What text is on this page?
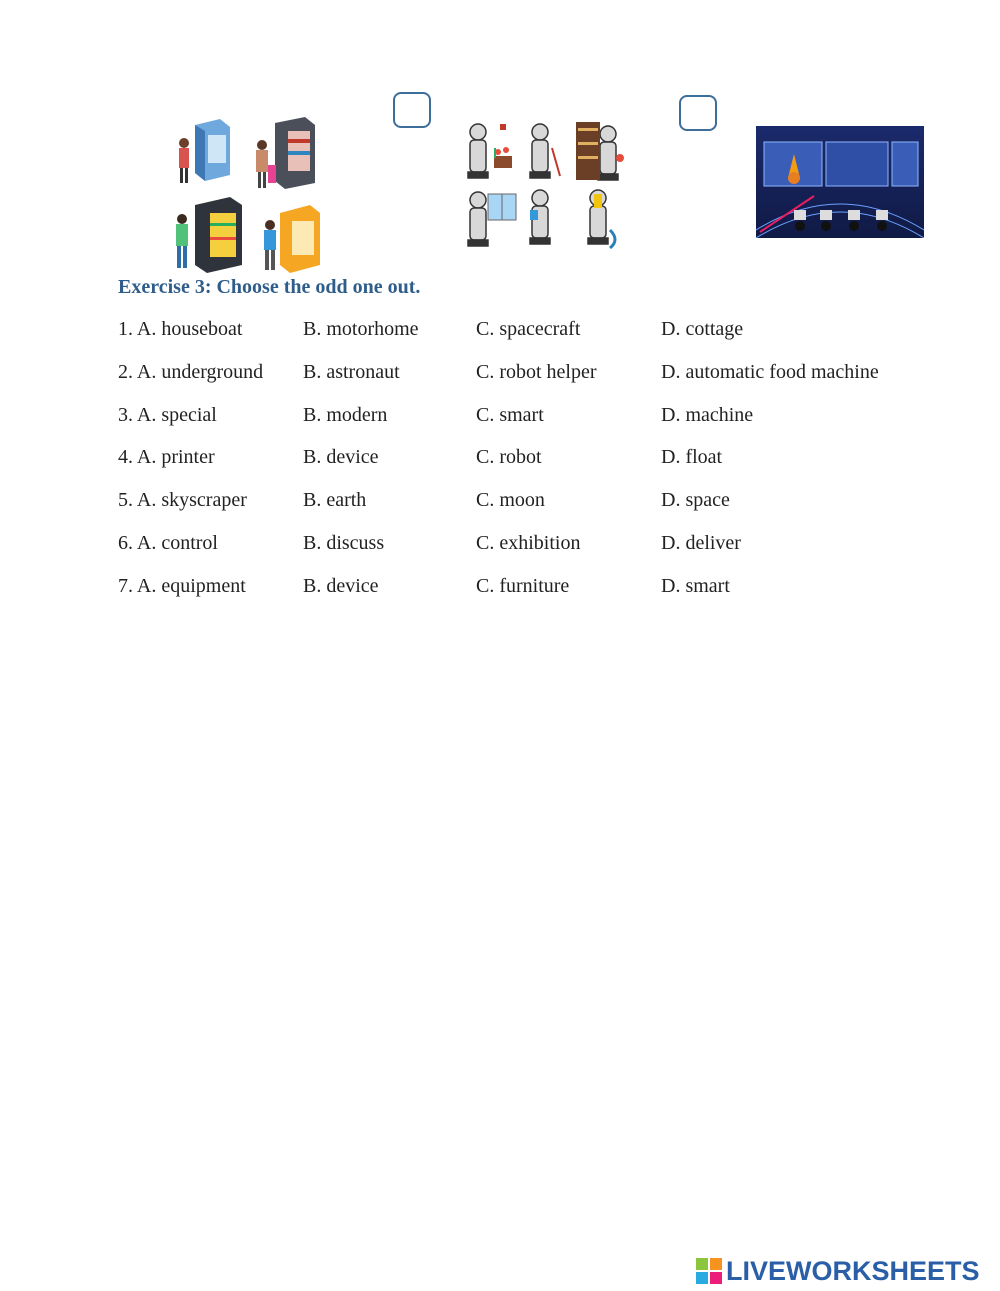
Exercise 3: Choose the odd one out.
1. A. houseboat	B. motorhome	C. spacecraft	D. cottage
2. A. underground B. astronaut	C. robot helper	D. automatic food machine
3. A. special	B. modern	C. smart	D. machine
4. A. printer	B. device	C. robot	D. float
5. A. skyscraper	B. earth	C. moon	D. space
6. A. control	B. discuss	C. exhibition	D. deliver
7. A. equipment	B. device	C. furniture	D. smart
LIVEWORKSHEETS
